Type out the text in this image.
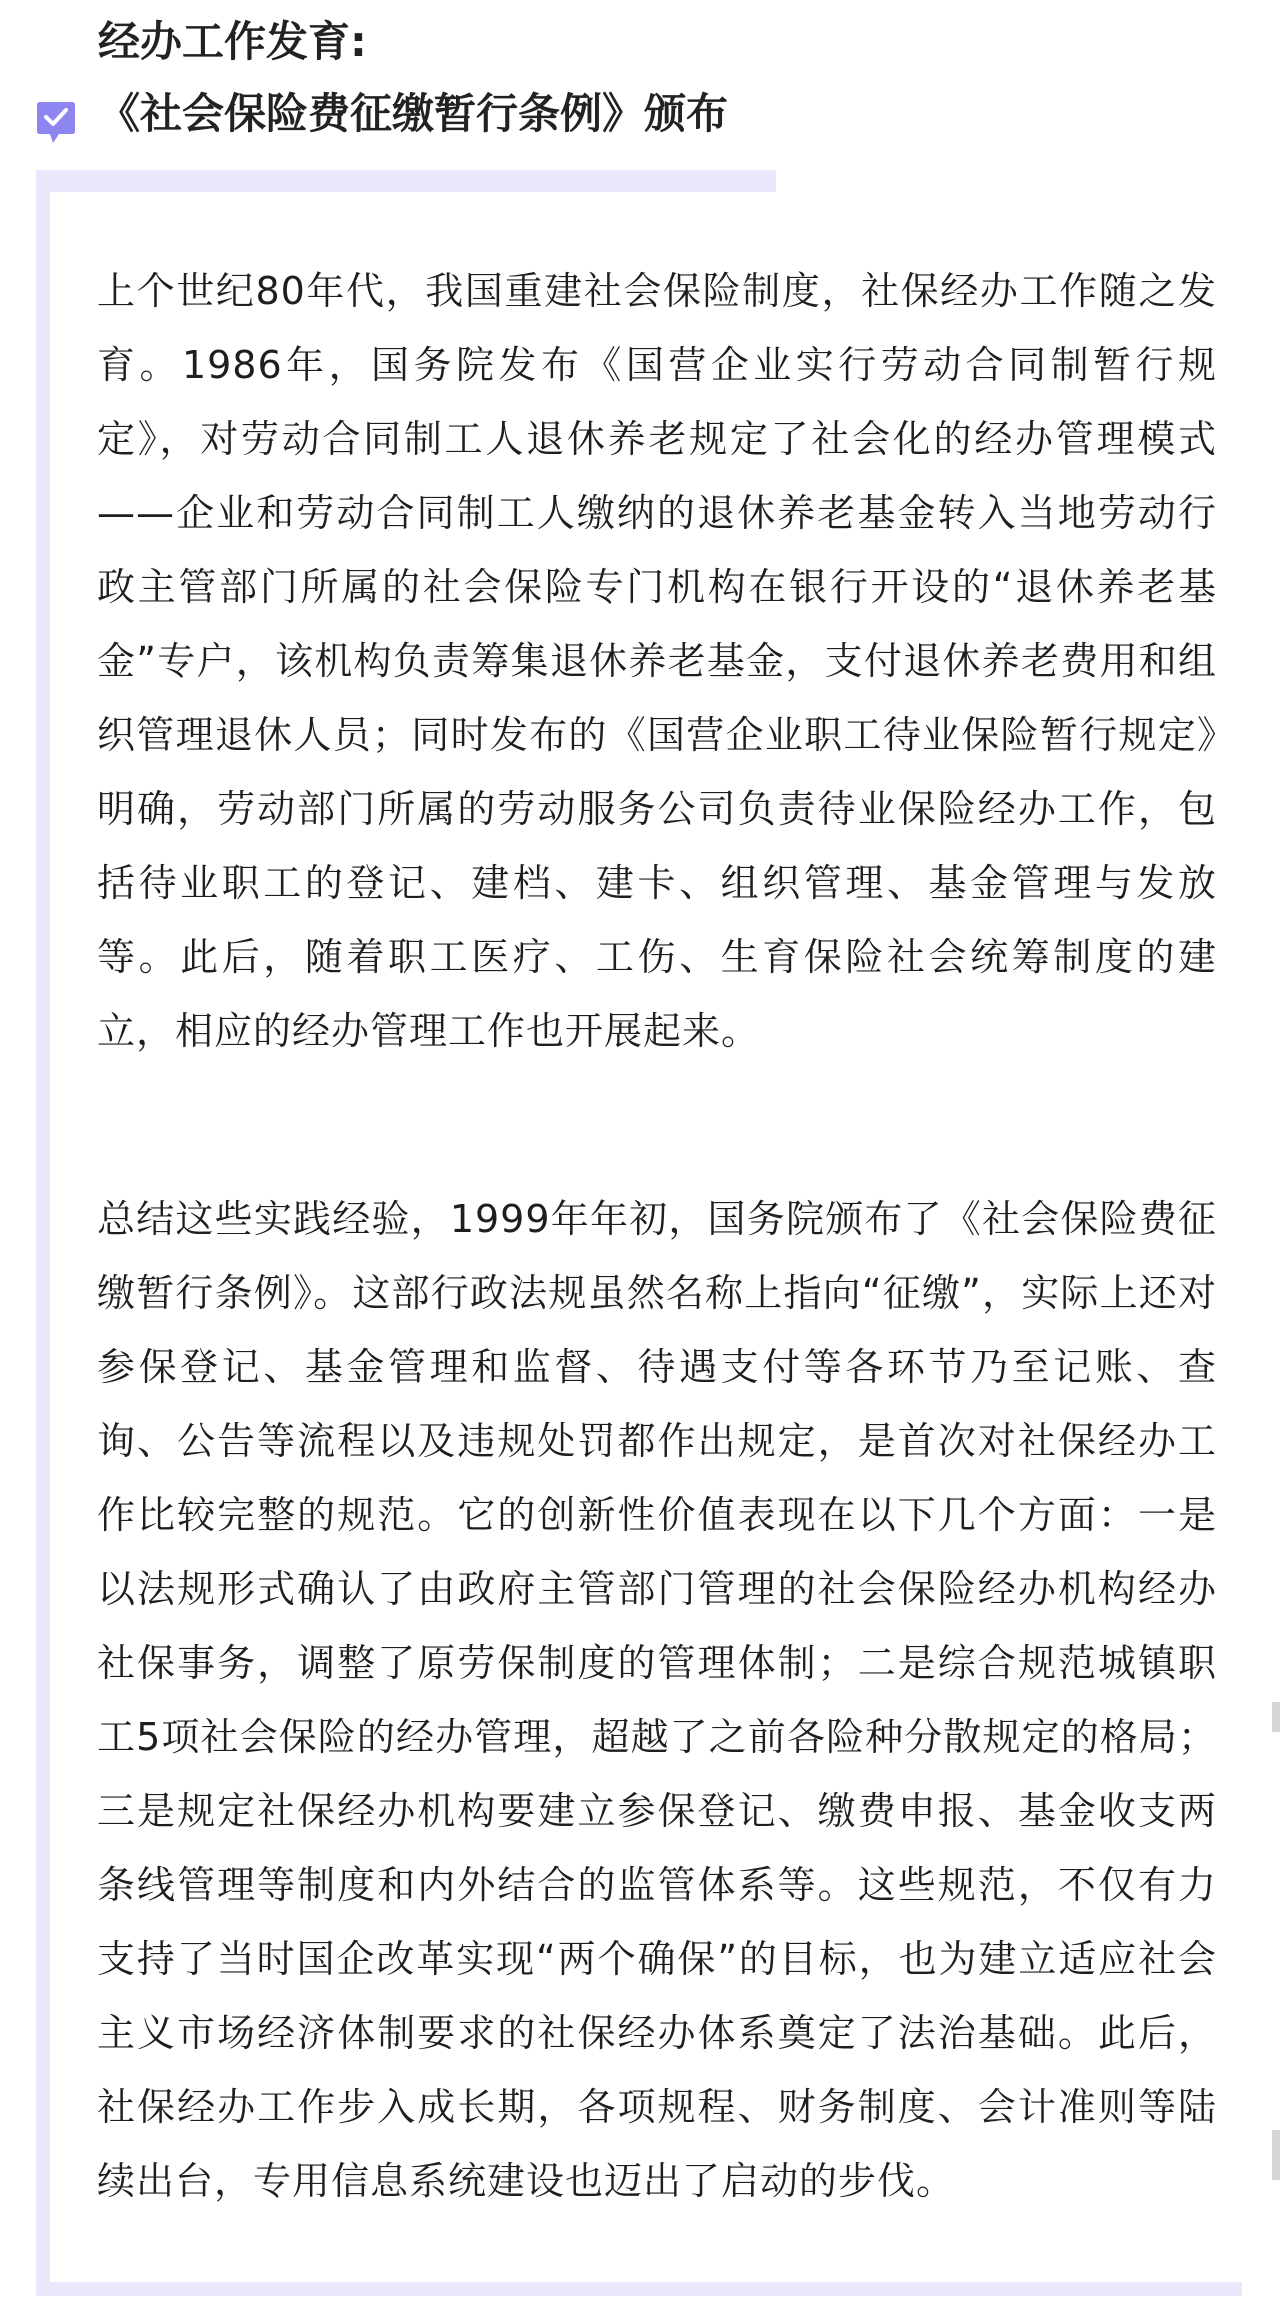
经办工作发育:
《社会保险费征缴暂行条例》颁布

上个世纪80年代，我国重建社会保险制度，社保经办工作随之发育。1986年，国务院发布《国营企业实行劳动合同制暂行规定》，对劳动合同制工人退休养老规定了社会化的经办管理模式——企业和劳动合同制工人缴纳的退休养老基金转入当地劳动行政主管部门所属的社会保险专门机构在银行开设的“退休养老基金”专户，该机构负责筹集退休养老基金，支付退休养老费用和组织管理退休人员；同时发布的《国营企业职工待业保险暂行规定》明确，劳动部门所属的劳动服务公司负责待业保险经办工作，包括待业职工的登记、建档、建卡、组织管理、基金管理与发放等。此后，随着职工医疗、工伤、生育保险社会统筹制度的建立，相应的经办管理工作也开展起来。

总结这些实践经验，1999年年初，国务院颁布了《社会保险费征缴暂行条例》。这部行政法规虽然名称上指向“征缴”，实际上还对参保登记、基金管理和监督、待遇支付等各环节乃至记账、查询、公告等流程以及违规处罚都作出规定，是首次对社保经办工作比较完整的规范。它的创新性价值表现在以下几个方面：一是以法规形式确认了由政府主管部门管理的社会保险经办机构经办社保事务，调整了原劳保制度的管理体制；二是综合规范城镇职工5项社会保险的经办管理，超越了之前各险种分散规定的格局；三是规定社保经办机构要建立参保登记、缴费申报、基金收支两条线管理等制度和内外结合的监管体系等。这些规范，不仅有力支持了当时国企改革实现“两个确保”的目标，也为建立适应社会主义市场经济体制要求的社保经办体系奠定了法治基础。此后，社保经办工作步入成长期，各项规程、财务制度、会计准则等陆续出台，专用信息系统建设也迈出了启动的步伐。
